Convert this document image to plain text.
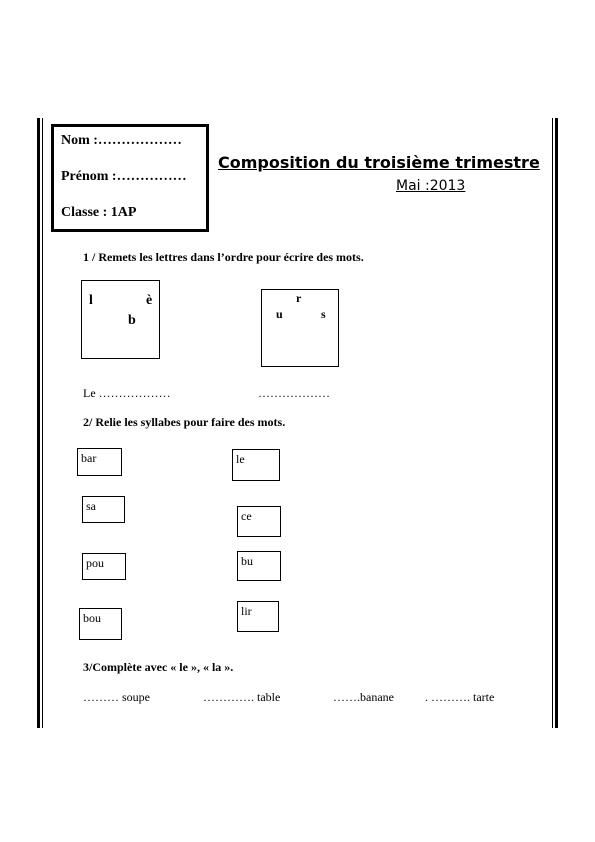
Nom :………………
Prénom :……………
Classe : 1AP
Composition du troisième trimestre
Mai :2013
1 / Remets les lettres dans l’ordre pour écrire des mots.
l	è
b
r
u	s
Le ………………	………………
2/ Relie les syllabes pour faire des mots.
bar
sa
pou
bou
le
ce
bu
lir
3/Complète avec « le », « la ».
……… soupe	…………. table	…….banane	. ………. tarte
